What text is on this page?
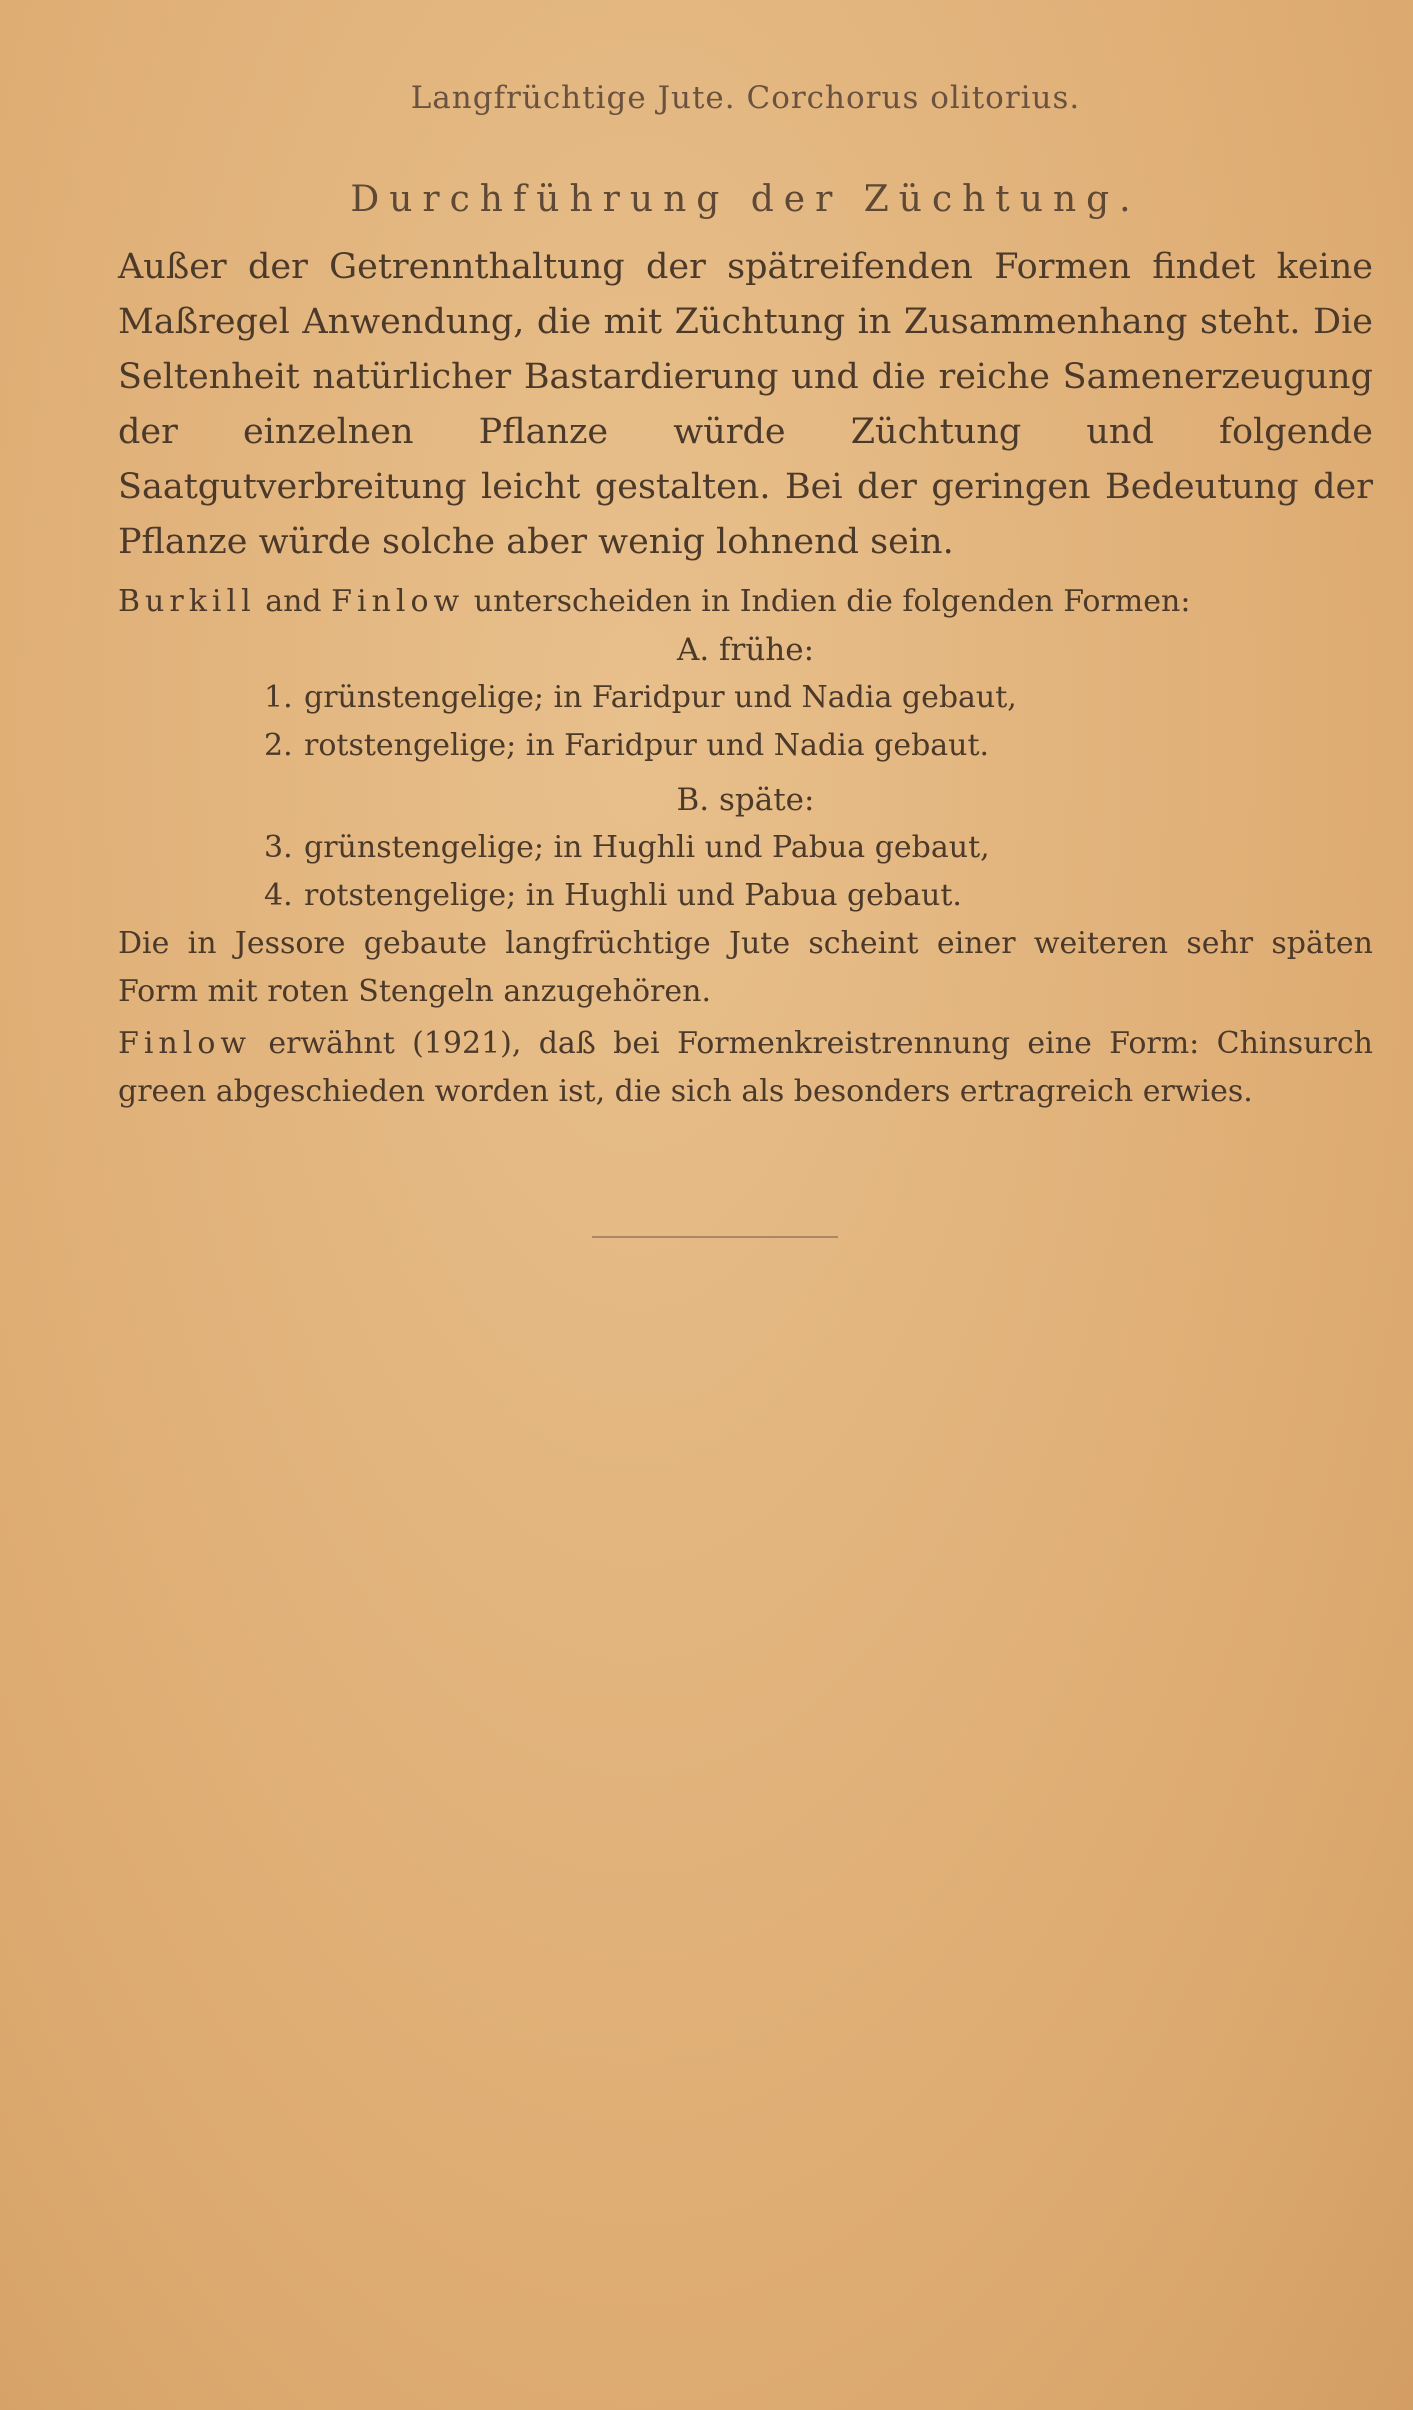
Langfrüchtige Jute. Corchorus olitorius.

Durchführung der Züchtung.

Außer der Getrennthaltung der spätreifenden Formen findet keine Maßregel Anwendung, die mit Züchtung in Zusammenhang steht. Die Seltenheit natürlicher Bastardierung und die reiche Samenerzeugung der einzelnen Pflanze würde Züchtung und folgende Saatgutverbreitung leicht gestalten. Bei der geringen Bedeutung der Pflanze würde solche aber wenig lohnend sein.

Burkill and Finlow unterscheiden in Indien die folgenden Formen:

A. frühe:

1. grünstengelige; in Faridpur und Nadia gebaut,

2. rotstengelige; in Faridpur und Nadia gebaut.

B. späte:

3. grünstengelige; in Hughli und Pabua gebaut,

4. rotstengelige; in Hughli und Pabua gebaut.

Die in Jessore gebaute langfrüchtige Jute scheint einer weiteren sehr späten Form mit roten Stengeln anzugehören.

Finlow erwähnt (1921), daß bei Formenkreistrennung eine Form: Chinsurch green abgeschieden worden ist, die sich als besonders ertragreich erwies.
